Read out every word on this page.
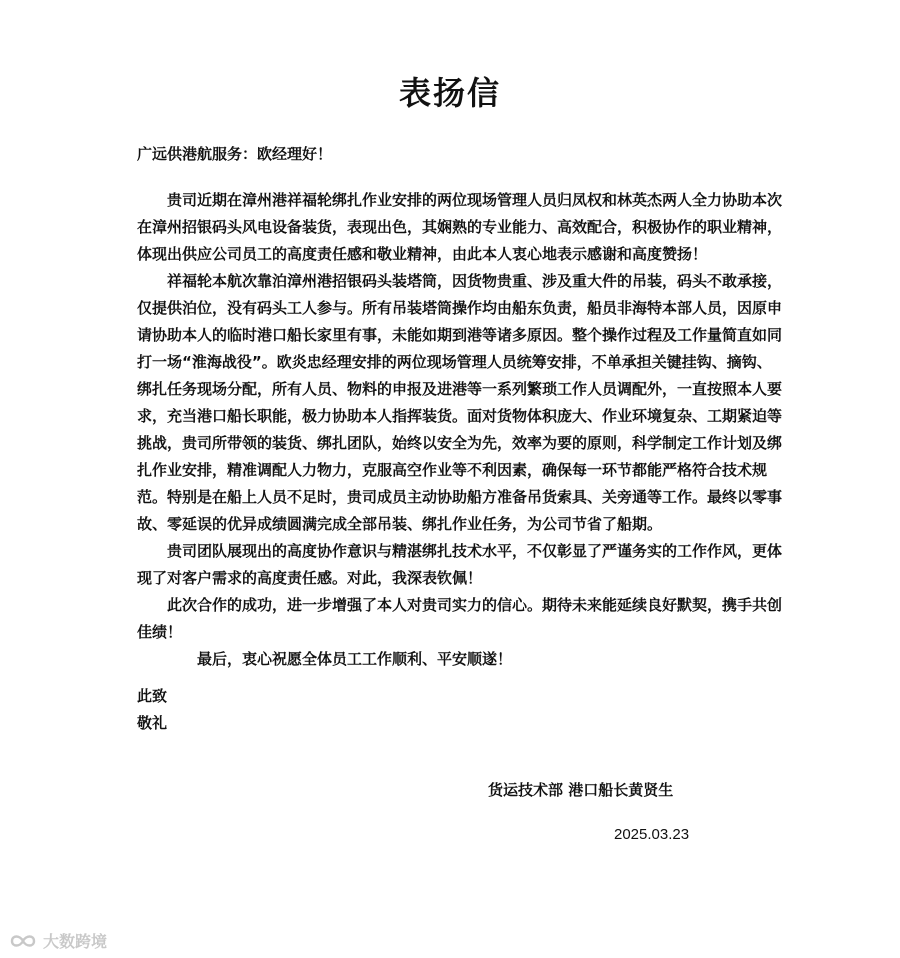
表扬信
广远供港航服务：欧经理好！

贵司近期在漳州港祥福轮绑扎作业安排的两位现场管理人员归凤权和林英杰两人全力协助本次在漳州招银码头风电设备装货，表现出色，其娴熟的专业能力、高效配合，积极协作的职业精神，体现出供应公司员工的高度责任感和敬业精神，由此本人衷心地表示感谢和高度赞扬！

祥福轮本航次靠泊漳州港招银码头装塔筒，因货物贵重、涉及重大件的吊装，码头不敢承接，仅提供泊位，没有码头工人参与。所有吊装塔筒操作均由船东负责，船员非海特本部人员，因原申请协助本人的临时港口船长家里有事，未能如期到港等诸多原因。整个操作过程及工作量简直如同打一场“淮海战役”。欧炎忠经理安排的两位现场管理人员统筹安排，不单承担关键挂钩、摘钩、绑扎任务现场分配，所有人员、物料的申报及进港等一系列繁琐工作人员调配外，一直按照本人要求，充当港口船长职能，极力协助本人指挥装货。面对货物体积庞大、作业环境复杂、工期紧迫等挑战，贵司所带领的装货、绑扎团队，始终以安全为先，效率为要的原则，科学制定工作计划及绑扎作业安排，精准调配人力物力，克服高空作业等不利因素，确保每一环节都能严格符合技术规范。特别是在船上人员不足时，贵司成员主动协助船方准备吊货索具、关旁通等工作。最终以零事故、零延误的优异成绩圆满完成全部吊装、绑扎作业任务，为公司节省了船期。

贵司团队展现出的高度协作意识与精湛绑扎技术水平，不仅彰显了严谨务实的工作作风，更体现了对客户需求的高度责任感。对此，我深表钦佩！

此次合作的成功，进一步增强了本人对贵司实力的信心。期待未来能延续良好默契，携手共创佳绩！

最后，衷心祝愿全体员工工作顺利、平安顺遂！

此致
敬礼
货运技术部 港口船长黄贤生
2025.03.23
大数跨境
